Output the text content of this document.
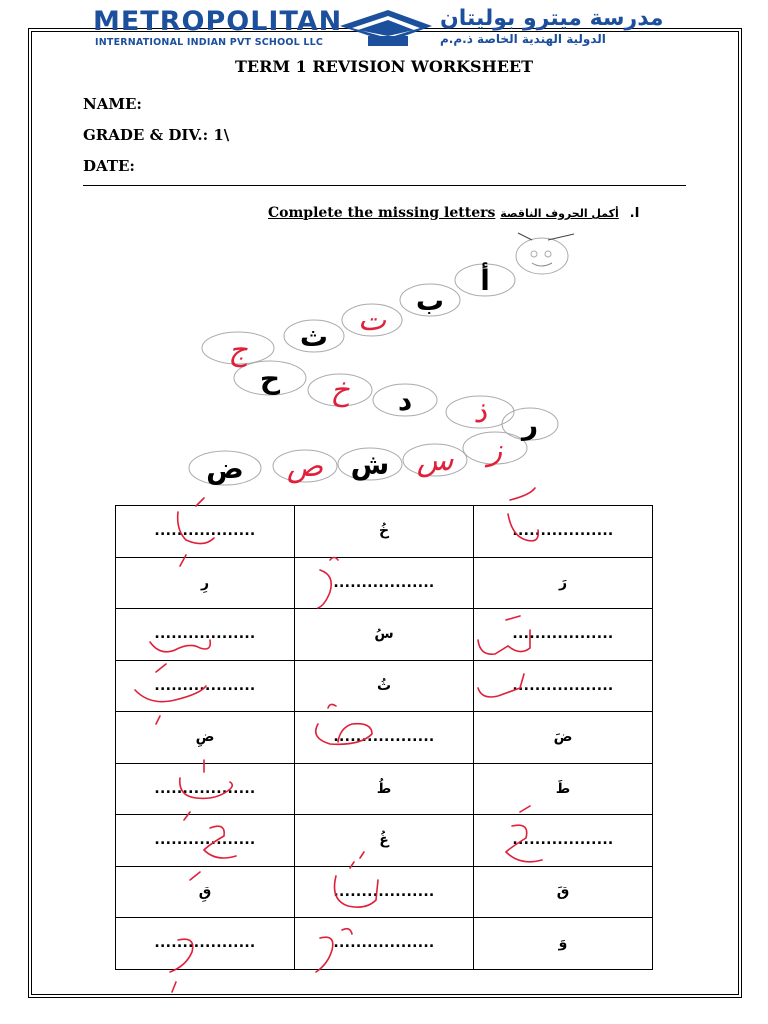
METROPOLITAN
INTERNATIONAL INDIAN PVT SCHOOL LLC
مدرسة ميترو بوليتان
الدولية الهندية الخاصة ذ.م.م
TERM 1 REVISION WORKSHEET
NAME:
GRADE & DIV.: 1\
DATE:
Complete the missing letters أكمل الحروف الناقصة .I
أ
ب
ث
ح
د
ر
ش
ض
ت
ج
خ
ذ
ز
س
ص
..................	خُ	..................
رِ	..................	رَ
..................	سُ	..................
..................	ثُ	..................
ضِ	..................	ضَ
..................	طُ	طَ
..................	غُ	..................
قِ	..................	قَ
..................	..................	وَ
